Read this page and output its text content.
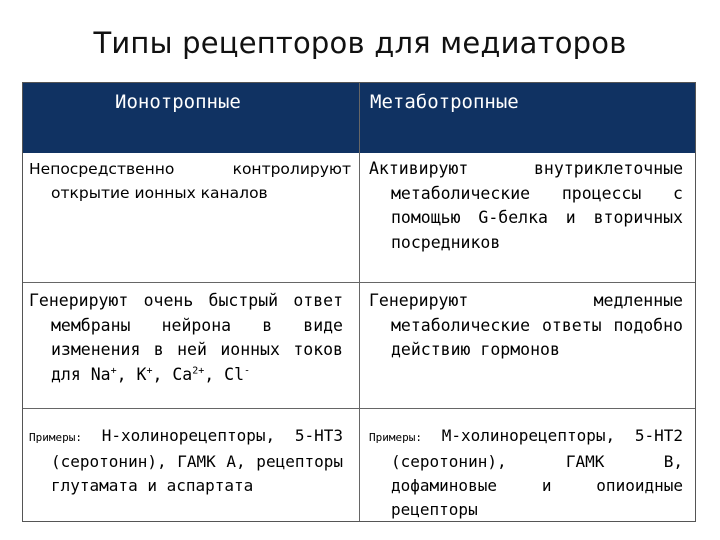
Типы рецепторов для медиаторов
Ионотропные	Метаботропные

Непосредственно контролируют открытие ионных каналов

Активируют внутриклеточные метаболические процессы с помощью G-белка и вторичных посредников

Генерируют очень быстрый ответ мембраны нейрона в виде изменения в ней ионных токов для Na+, K+, $Ca^{2+}$, Cl-

Генерируют медленные метаболические ответы подобно действию гормонов

Примеры: Н-холинорецепторы, 5-НТ3 (серотонин), ГАМК А, рецепторы глутамата и аспартата

Примеры: М-холинорецепторы, 5-НТ2 (серотонин), ГАМК В, дофаминовые и опиоидные рецепторы
